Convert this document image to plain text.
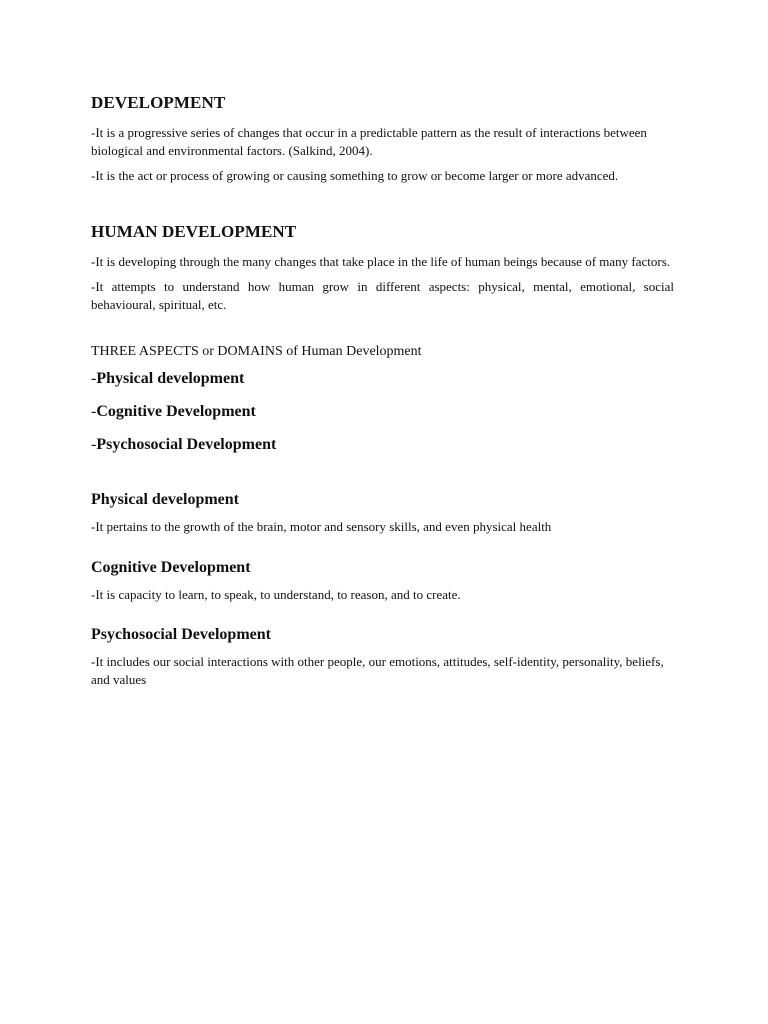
DEVELOPMENT

-It is a progressive series of changes that occur in a predictable pattern as the result of interactions between biological and environmental factors. (Salkind, 2004).

-It is the act or process of growing or causing something to grow or become larger or more advanced.

HUMAN DEVELOPMENT

-It is developing through the many changes that take place in the life of human beings because of many factors.

-It attempts to understand how human grow in different aspects: physical, mental, emotional, social behavioural, spiritual, etc.

THREE ASPECTS or DOMAINS of Human Development

-Physical development
-Cognitive Development
-Psychosocial Development
Physical development

-It pertains to the growth of the brain, motor and sensory skills, and even physical health

Cognitive Development

-It is capacity to learn, to speak, to understand, to reason, and to create.

Psychosocial Development

-It includes our social interactions with other people, our emotions, attitudes, self-identity, personality, beliefs, and values
